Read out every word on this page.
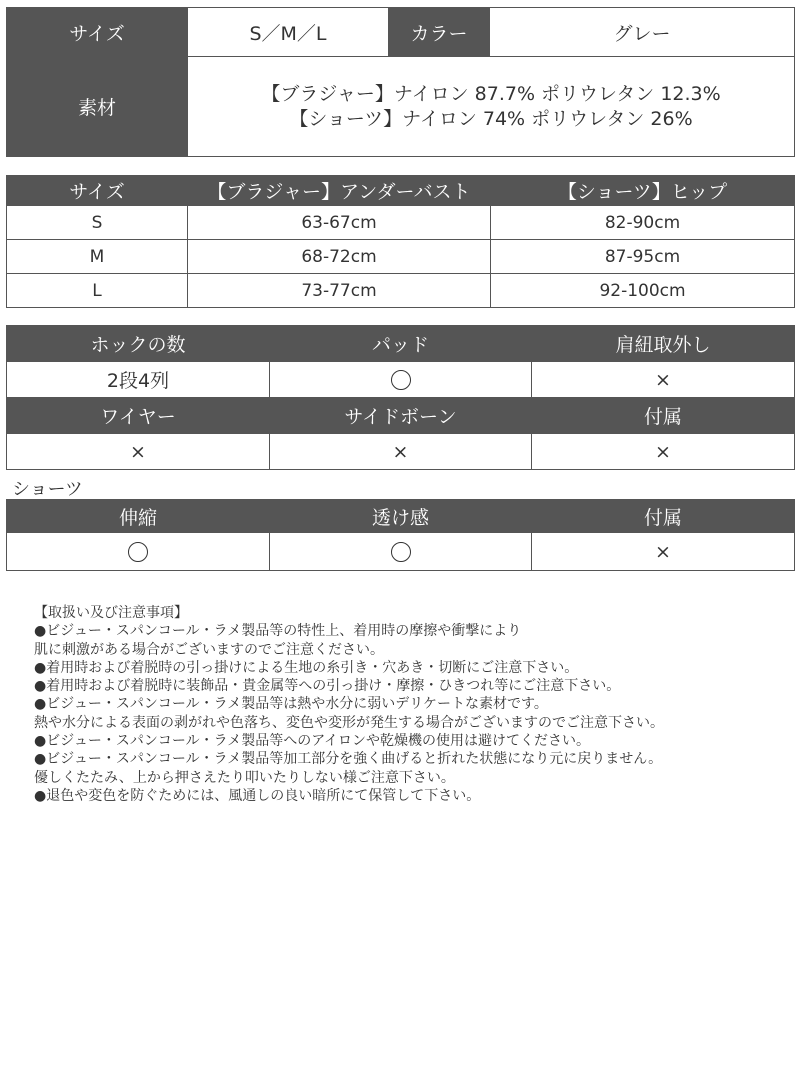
サイズ	S／M／L	カラー	グレー
素材	【ブラジャー】ナイロン 87.7% ポリウレタン 12.3%
【ショーツ】ナイロン 74% ポリウレタン 26%		
サイズ	【ブラジャー】アンダーバスト	【ショーツ】ヒップ
S	63-67cm	82-90cm
M	68-72cm	87-95cm
L	73-77cm	92-100cm
ホックの数	パッド	肩紐取外し
2段4列		×
ワイヤー	サイドボーン	付属
×	×	×
ショーツ
伸縮	透け感	付属
		×
【取扱い及び注意事項】
●ビジュー・スパンコール・ラメ製品等の特性上、着用時の摩擦や衝撃により
肌に刺激がある場合がございますのでご注意ください。
●着用時および着脱時の引っ掛けによる生地の糸引き・穴あき・切断にご注意下さい。
●着用時および着脱時に装飾品・貴金属等への引っ掛け・摩擦・ひきつれ等にご注意下さい。
●ビジュー・スパンコール・ラメ製品等は熱や水分に弱いデリケートな素材です。
熱や水分による表面の剥がれや色落ち、変色や変形が発生する場合がございますのでご注意下さい。
●ビジュー・スパンコール・ラメ製品等へのアイロンや乾燥機の使用は避けてください。
●ビジュー・スパンコール・ラメ製品等加工部分を強く曲げると折れた状態になり元に戻りません。
優しくたたみ、上から押さえたり叩いたりしない様ご注意下さい。
●退色や変色を防ぐためには、風通しの良い暗所にて保管して下さい。
